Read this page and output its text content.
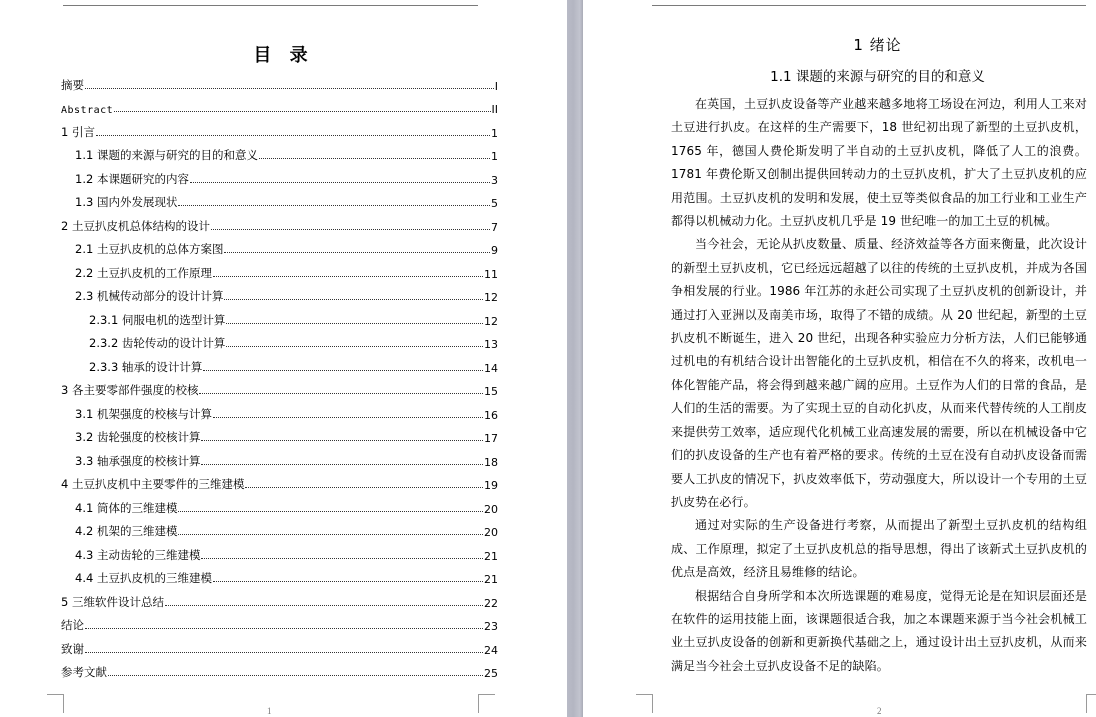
目 录
摘要	I
Abstract	II
1 引言	1
1.1 课题的来源与研究的目的和意义	1
1.2 本课题研究的内容	3
1.3 国内外发展现状	5
2 土豆扒皮机总体结构的设计	7
2.1 土豆扒皮机的总体方案图	9
2.2 土豆扒皮机的工作原理	11
2.3 机械传动部分的设计计算	12
2.3.1 伺服电机的选型计算	12
2.3.2 齿轮传动的设计计算	13
2.3.3 轴承的设计计算	14
3 各主要零部件强度的校核	15
3.1 机架强度的校核与计算	16
3.2 齿轮强度的校核计算	17
3.3 轴承强度的校核计算	18
4 土豆扒皮机中主要零件的三维建模	19
4.1 筒体的三维建模	20
4.2 机架的三维建模	20
4.3 主动齿轮的三维建模	21
4.4 土豆扒皮机的三维建模	21
5 三维软件设计总结	22
结论	23
致谢	24
参考文献	25
1	2
1 绪论
1.1 课题的来源与研究的目的和意义

在英国，土豆扒皮设备等产业越来越多地将工场设在河边，利用人工来对土豆进行扒皮。在这样的生产需要下，18 世纪初出现了新型的土豆扒皮机，1765 年，德国人费伦斯发明了半自动的土豆扒皮机，降低了人工的浪费。1781 年费伦斯又创制出提供回转动力的土豆扒皮机，扩大了土豆扒皮机的应用范围。土豆扒皮机的发明和发展，使土豆等类似食品的加工行业和工业生产都得以机械动力化。土豆扒皮机几乎是 19 世纪唯一的加工土豆的机械。

当今社会，无论从扒皮数量、质量、经济效益等各方面来衡量，此次设计的新型土豆扒皮机，它已经远远超越了以往的传统的土豆扒皮机，并成为各国争相发展的行业。1986 年江苏的永赶公司实现了土豆扒皮机的创新设计，并通过打入亚洲以及南美市场，取得了不错的成绩。从 20 世纪起，新型的土豆扒皮机不断诞生，进入 20 世纪，出现各种实验应力分析方法，人们已能够通过机电的有机结合设计出智能化的土豆扒皮机，相信在不久的将来，改机电一体化智能产品，将会得到越来越广阔的应用。土豆作为人们的日常的食品，是人们的生活的需要。为了实现土豆的自动化扒皮，从而来代替传统的人工削皮来提供劳工效率，适应现代化机械工业高速发展的需要，所以在机械设备中它们的扒皮设备的生产也有着严格的要求。传统的土豆在没有自动扒皮设备而需要人工扒皮的情况下，扒皮效率低下，劳动强度大，所以设计一个专用的土豆扒皮势在必行。

通过对实际的生产设备进行考察，从而提出了新型土豆扒皮机的结构组成、工作原理，拟定了土豆扒皮机总的指导思想，得出了该新式土豆扒皮机的优点是高效，经济且易维修的结论。

根据结合自身所学和本次所选课题的难易度，觉得无论是在知识层面还是在软件的运用技能上面，该课题很适合我，加之本课题来源于当今社会机械工业土豆扒皮设备的创新和更新换代基础之上，通过设计出土豆扒皮机，从而来满足当今社会土豆扒皮设备不足的缺陷。
